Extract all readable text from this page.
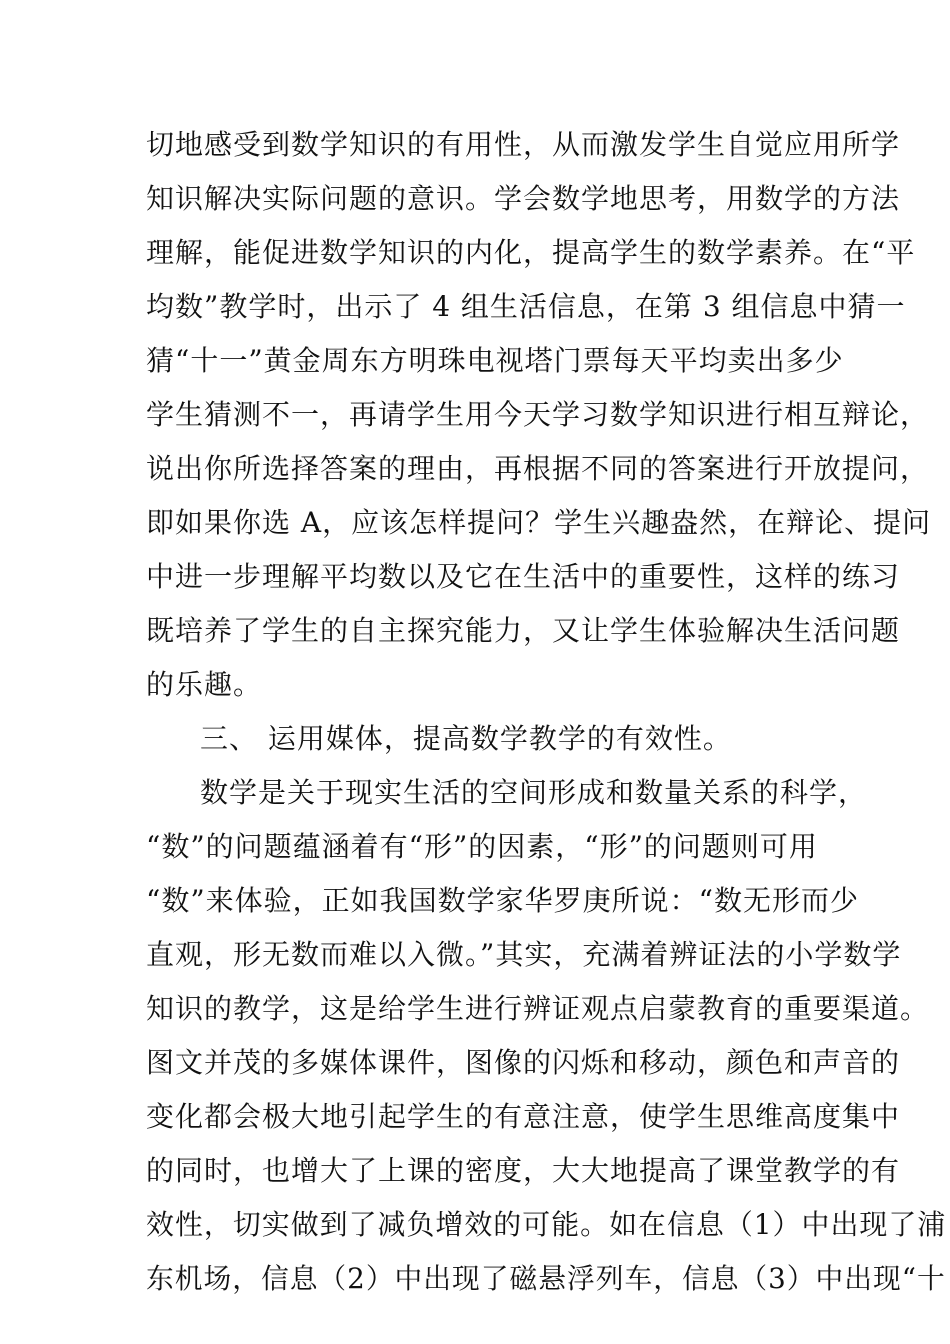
切地感受到数学知识的有用性，从而激发学生自觉应用所学
知识解决实际问题的意识。学会数学地思考，用数学的方法
理解，能促进数学知识的内化，提高学生的数学素养。在“平
均数”教学时，出示了 4 组生活信息，在第 3 组信息中猜一
猜“十一”黄金周东方明珠电视塔门票每天平均卖出多少
学生猜测不一，再请学生用今天学习数学知识进行相互辩论，
说出你所选择答案的理由，再根据不同的答案进行开放提问，
即如果你选 A，应该怎样提问？学生兴趣盎然，在辩论、提问
中进一步理解平均数以及它在生活中的重要性，这样的练习
既培养了学生的自主探究能力，又让学生体验解决生活问题
的乐趣。
三、 运用媒体，提高数学教学的有效性。
数学是关于现实生活的空间形成和数量关系的科学，
“数”的问题蕴涵着有“形”的因素，“形”的问题则可用
“数”来体验，正如我国数学家华罗庚所说：“数无形而少
直观，形无数而难以入微。”其实，充满着辨证法的小学数学
知识的教学，这是给学生进行辨证观点启蒙教育的重要渠道。
图文并茂的多媒体课件，图像的闪烁和移动，颜色和声音的
变化都会极大地引起学生的有意注意，使学生思维高度集中
的同时，也增大了上课的密度，大大地提高了课堂教学的有
效性，切实做到了减负增效的可能。如在信息（1）中出现了浦
东机场，信息（2）中出现了磁悬浮列车，信息（3）中出现“十
